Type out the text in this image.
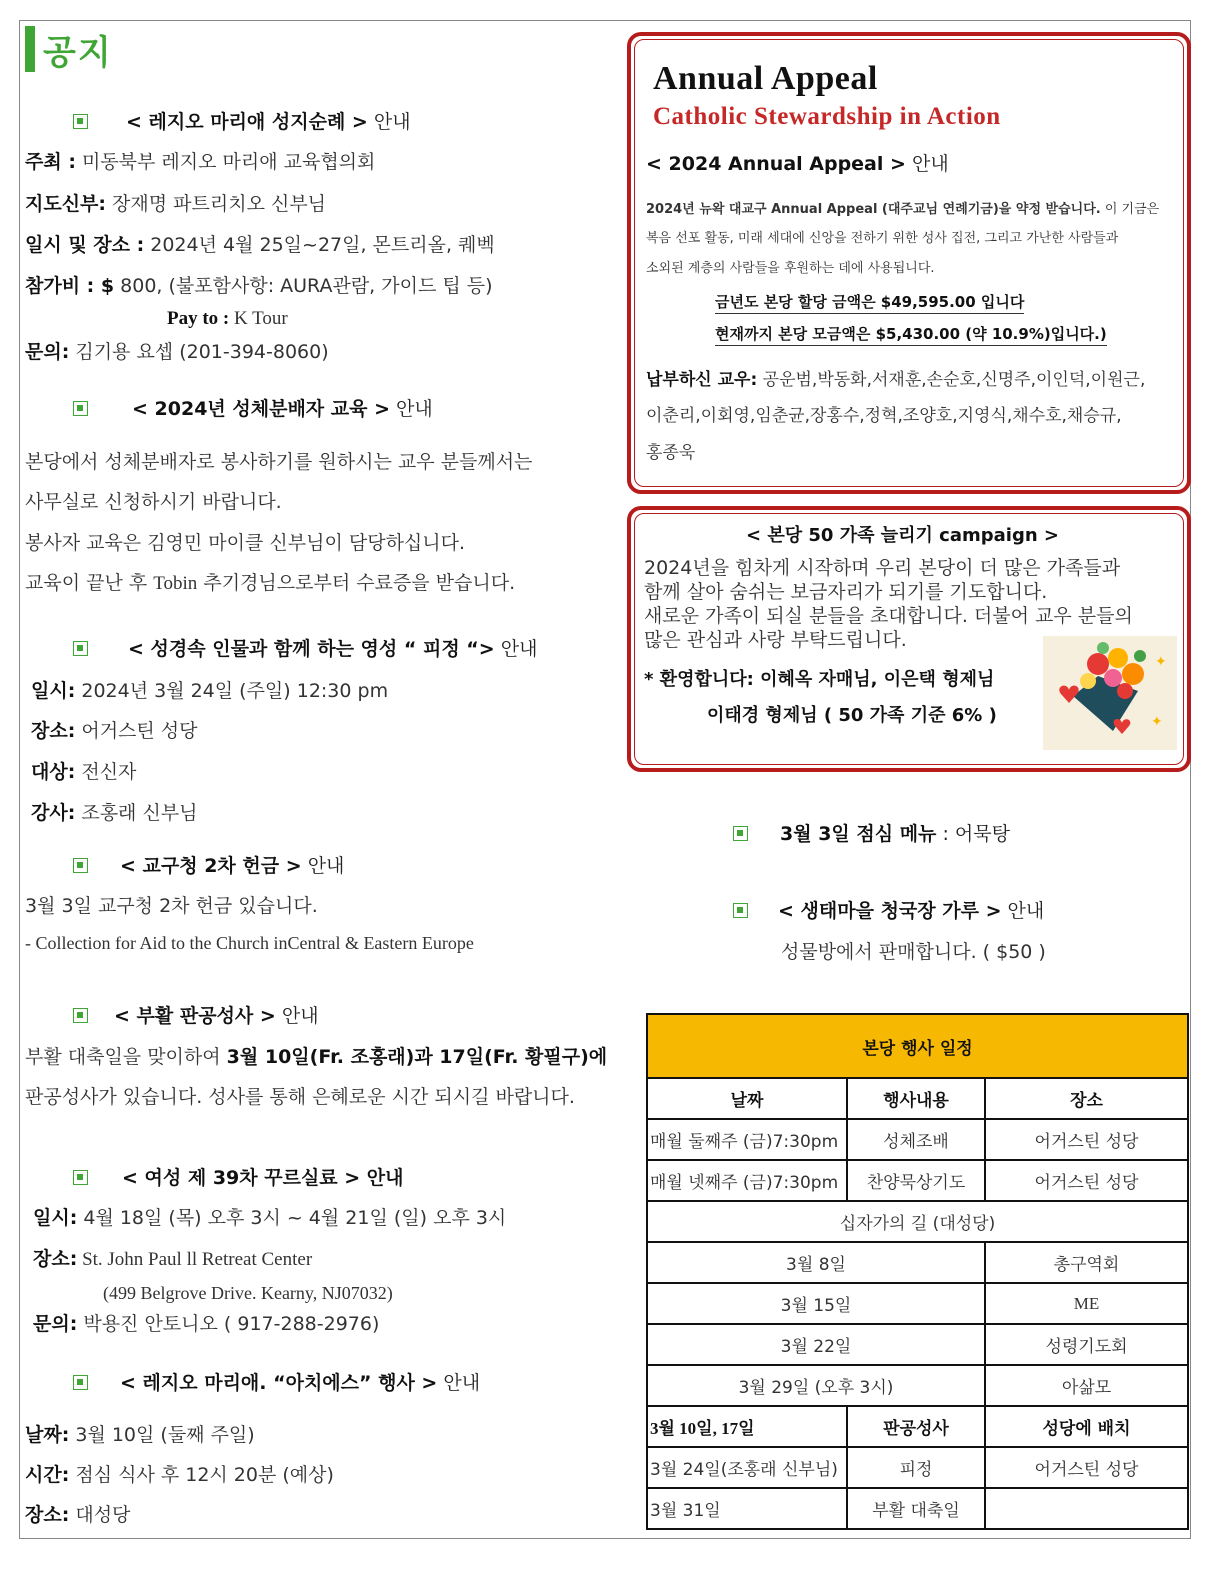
공지
< 레지오 마리애 성지순례 > 안내
주최 : 미동북부 레지오 마리애 교육협의회
지도신부: 장재명 파트리치오 신부님
일시 및 장소 : 2024년 4월 25일~27일, 몬트리올, 퀘벡
참가비 : $ 800, (불포함사항: AURA관람, 가이드 팁 등)
Pay to : K Tour
문의: 김기용 요셉 (201-394-8060)
< 2024년 성체분배자 교육 > 안내
본당에서 성체분배자로 봉사하기를 원하시는 교우 분들께서는
사무실로 신청하시기 바랍니다.
봉사자 교육은 김영민 마이클 신부님이 담당하십니다.
교육이 끝난 후 Tobin 추기경님으로부터 수료증을 받습니다.
< 성경속 인물과 함께 하는 영성 “ 피정 “> 안내
일시: 2024년 3월 24일 (주일) 12:30 pm
장소: 어거스틴 성당
대상: 전신자
강사: 조홍래 신부님
< 교구청 2차 헌금 > 안내
3월 3일 교구청 2차 헌금 있습니다.
- Collection for Aid to the Church inCentral & Eastern Europe
< 부활 판공성사 > 안내
부활 대축일을 맞이하여 3월 10일(Fr. 조홍래)과 17일(Fr. 황필구)에
판공성사가 있습니다. 성사를 통해 은혜로운 시간 되시길 바랍니다.
< 여성 제 39차 꾸르실료 > 안내
일시: 4월 18일 (목) 오후 3시 ~ 4월 21일 (일) 오후 3시
장소: St. John Paul ll Retreat Center
(499 Belgrove Drive. Kearny, NJ07032)
문의: 박용진 안토니오 ( 917-288-2976)
< 레지오 마리애. “아치에스” 행사 > 안내
날짜: 3월 10일 (둘째 주일)
시간: 점심 식사 후 12시 20분 (예상)
장소: 대성당
Annual Appeal
Catholic Stewardship in Action
< 2024 Annual Appeal > 안내
2024년 뉴왁 대교구 Annual Appeal (대주교님 연례기금)을 약정 받습니다. 이 기금은
복음 선포 활동, 미래 세대에 신앙을 전하기 위한 성사 집전, 그리고 가난한 사람들과
소외된 계층의 사람들을 후원하는 데에 사용됩니다.
금년도 본당 할당 금액은 $49,595.00 입니다
현재까지 본당 모금액은 $5,430.00 (약 10.9%)입니다.)
납부하신 교우: 공운범,박동화,서재훈,손순호,신명주,이인덕,이원근,
이춘리,이회영,임춘균,장홍수,정혁,조양호,지영식,채수호,채승규,
홍종욱
< 본당 50 가족 늘리기 campaign >
2024년을 힘차게 시작하며 우리 본당이 더 많은 가족들과
함께 살아 숨쉬는 보금자리가 되기를 기도합니다.
새로운 가족이 되실 분들을 초대합니다. 더불어 교우 분들의
많은 관심과 사랑 부탁드립니다.
* 환영합니다: 이혜옥 자매님, 이은택 형제님
이태경 형제님 ( 50 가족 기준 6% )
✦
✦
3월 3일 점심 메뉴 : 어묵탕
< 생태마을 청국장 가루 > 안내
성물방에서 판매합니다. ( $50 )
본당 행사 일정		
날짜	행사내용	장소
매월 둘째주 (금)7:30pm	성체조배	어거스틴 성당
매월 넷째주 (금)7:30pm	찬양묵상기도	어거스틴 성당
십자가의 길 (대성당)		
3월 8일		총구역회
3월 15일		ME
3월 22일		성령기도회
3월 29일 (오후 3시)		아삶모
3월 10일, 17일	판공성사	성당에 배치
3월 24일(조홍래 신부님)	피정	어거스틴 성당
3월 31일	부활 대축일	
